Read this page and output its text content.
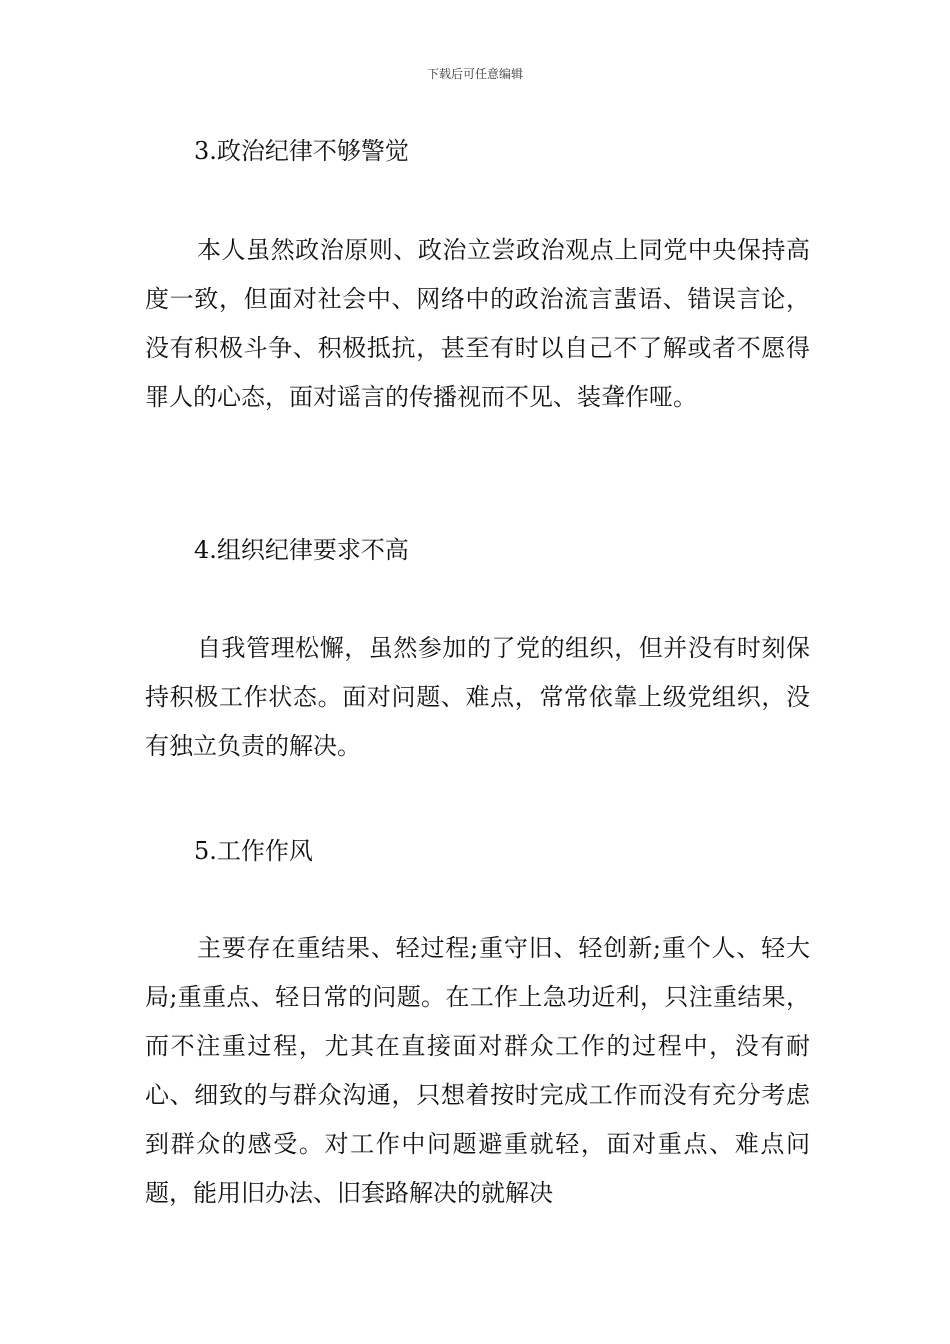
下载后可任意编辑
3.政治纪律不够警觉
本人虽然政治原则、政治立尝政治观点上同党中央保持高度一致，但面对社会中、网络中的政治流言蜚语、错误言论，没有积极斗争、积极抵抗，甚至有时以自己不了解或者不愿得罪人的心态，面对谣言的传播视而不见、装聋作哑。
4.组织纪律要求不高
自我管理松懈，虽然参加的了党的组织，但并没有时刻保持积极工作状态。面对问题、难点，常常依靠上级党组织，没有独立负责的解决。
5.工作作风
主要存在重结果、轻过程;重守旧、轻创新;重个人、轻大局;重重点、轻日常的问题。在工作上急功近利，只注重结果，而不注重过程，尤其在直接面对群众工作的过程中，没有耐心、细致的与群众沟通，只想着按时完成工作而没有充分考虑到群众的感受。对工作中问题避重就轻，面对重点、难点问题，能用旧办法、旧套路解决的就解决
